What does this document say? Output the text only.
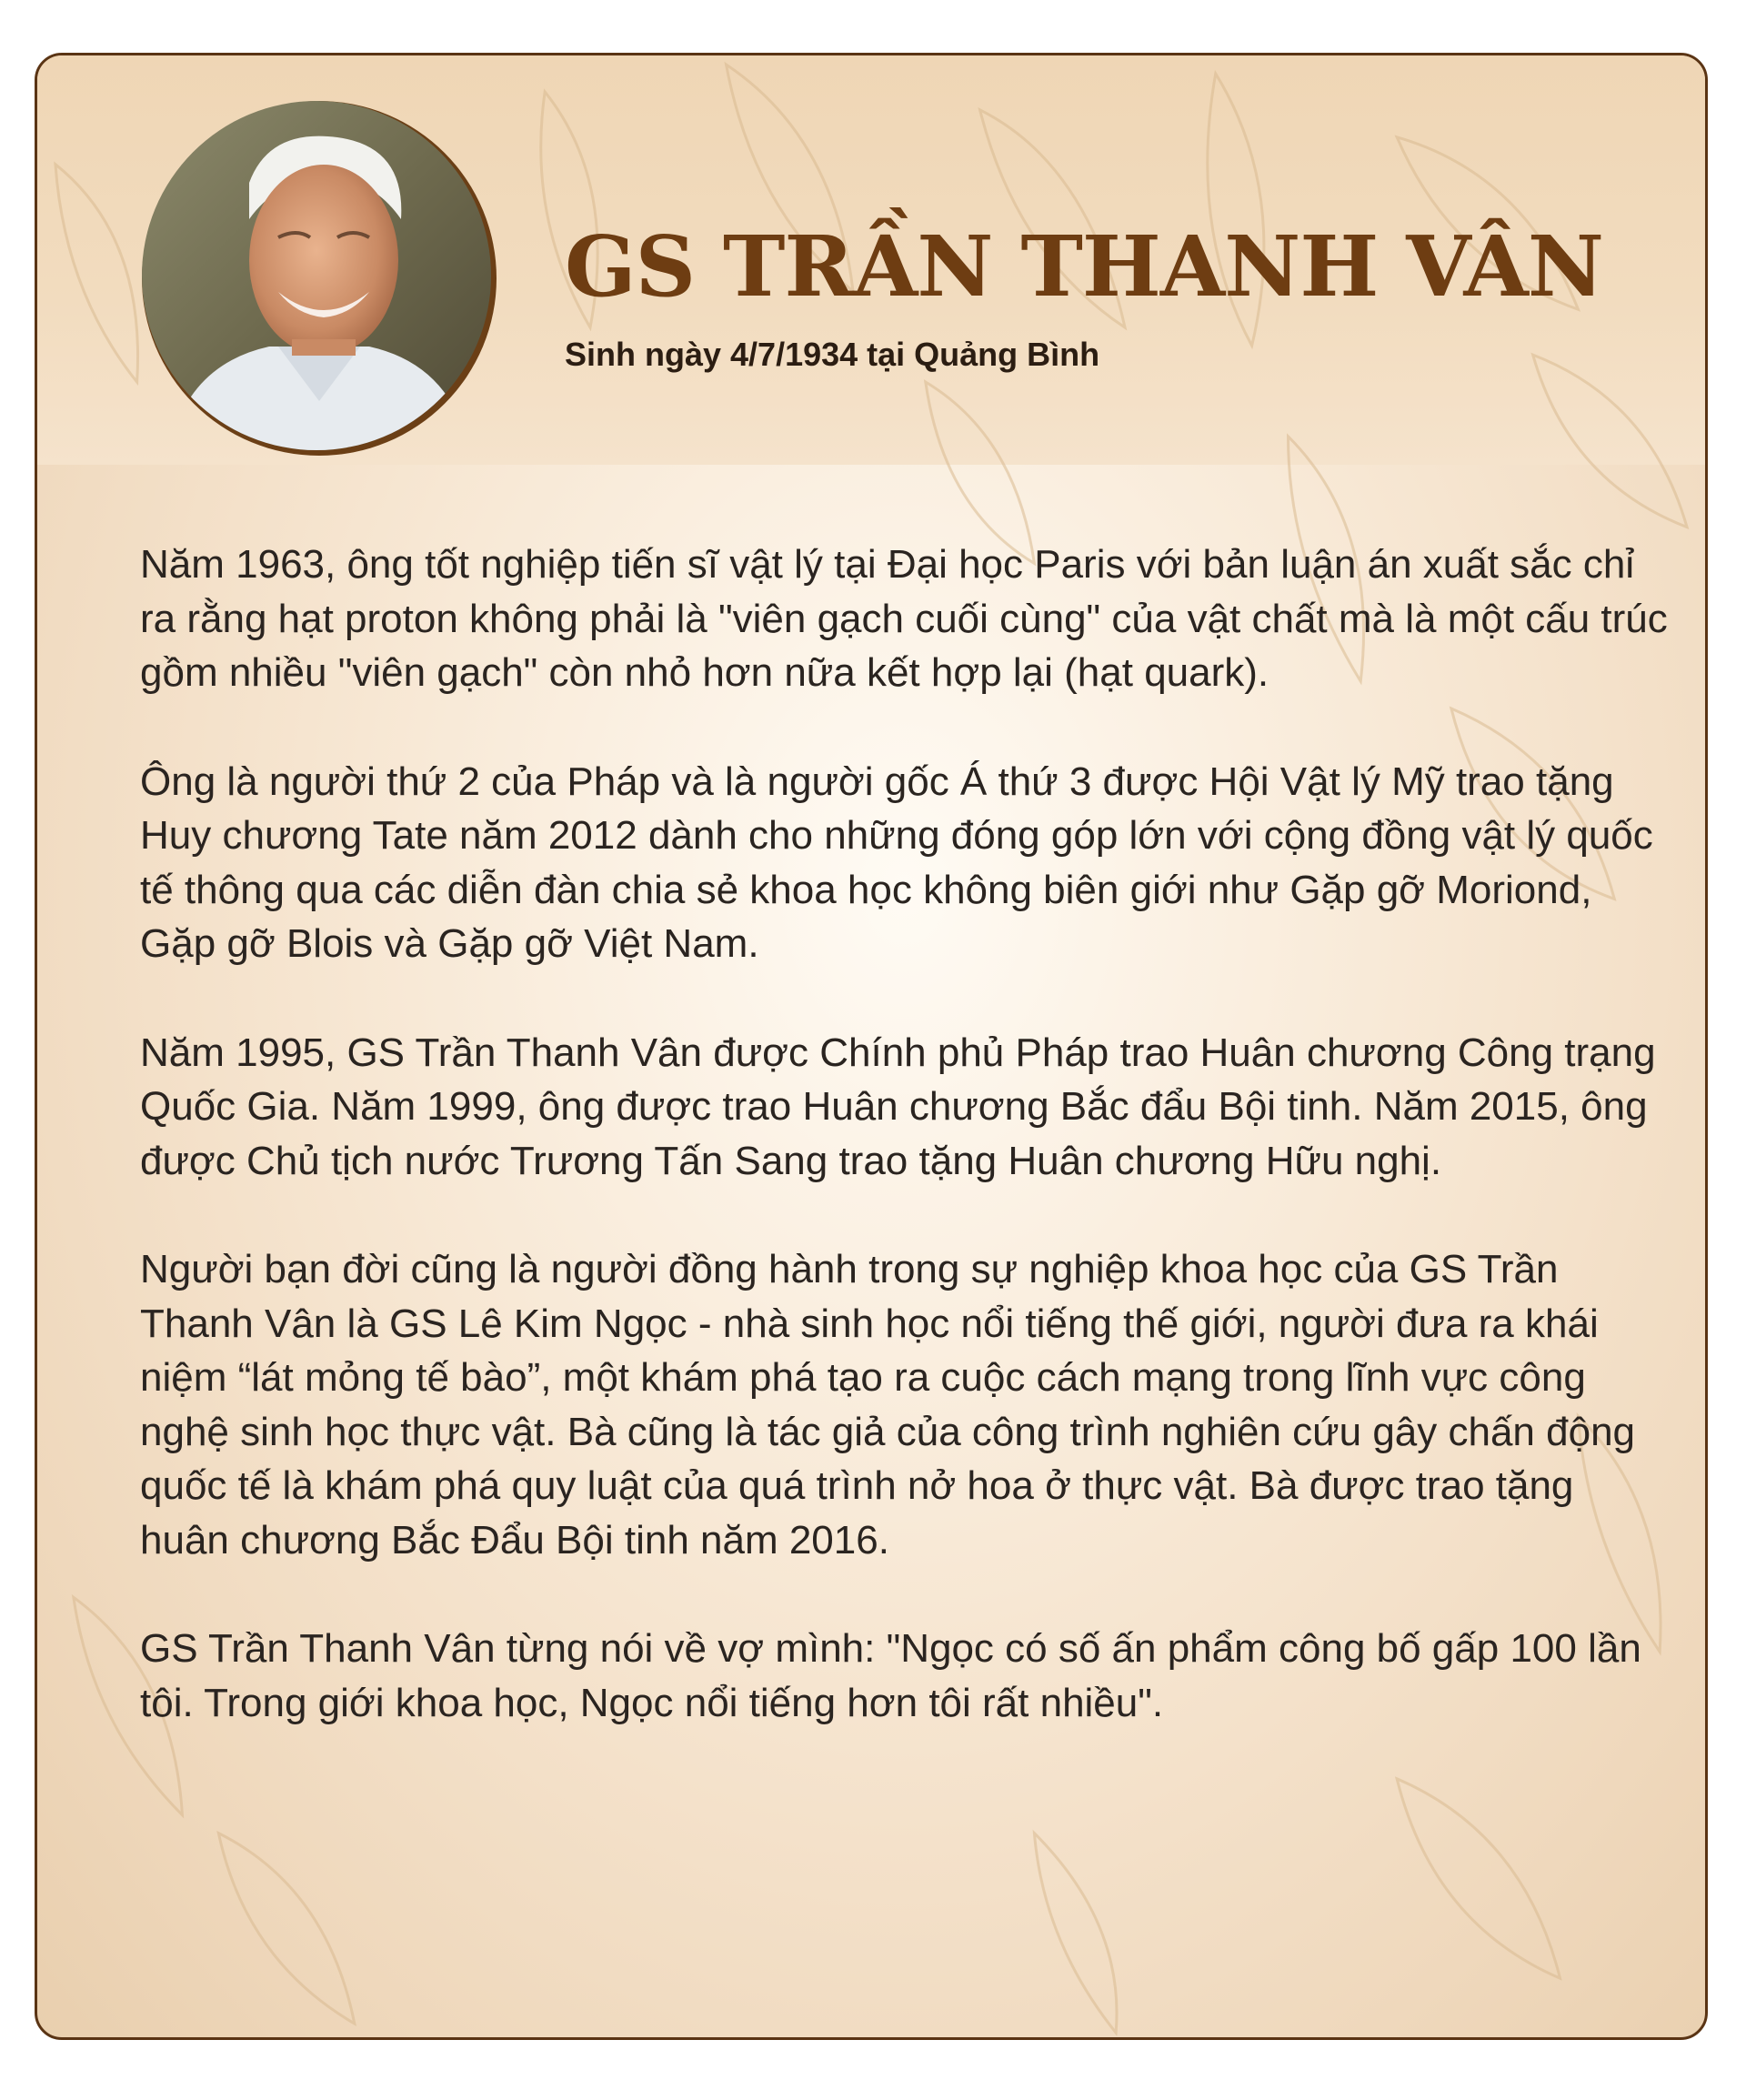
GS TRẦN THANH VÂN

Sinh ngày 4/7/1934 tại Quảng Bình

Năm 1963, ông tốt nghiệp tiến sĩ vật lý tại Đại học Paris với bản luận án xuất sắc chỉ ra rằng hạt proton không phải là "viên gạch cuối cùng" của vật chất mà là một cấu trúc gồm nhiều "viên gạch" còn nhỏ hơn nữa kết hợp lại (hạt quark).

Ông là người thứ 2 của Pháp và là người gốc Á thứ 3 được Hội Vật lý Mỹ trao tặng Huy chương Tate năm 2012 dành cho những đóng góp lớn với cộng đồng vật lý quốc tế thông qua các diễn đàn chia sẻ khoa học không biên giới như Gặp gỡ Moriond, Gặp gỡ Blois và Gặp gỡ Việt Nam.

Năm 1995, GS Trần Thanh Vân được Chính phủ Pháp trao Huân chương Công trạng Quốc Gia. Năm 1999, ông được trao Huân chương Bắc đẩu Bội tinh. Năm 2015, ông được Chủ tịch nước Trương Tấn Sang trao tặng Huân chương Hữu nghị.

Người bạn đời cũng là người đồng hành trong sự nghiệp khoa học của GS Trần Thanh Vân là GS Lê Kim Ngọc - nhà sinh học nổi tiếng thế giới, người đưa ra khái niệm “lát mỏng tế bào”, một khám phá tạo ra cuộc cách mạng trong lĩnh vực công nghệ sinh học thực vật. Bà cũng là tác giả của công trình nghiên cứu gây chấn động quốc tế là khám phá quy luật của quá trình nở hoa ở thực vật. Bà được trao tặng huân chương Bắc Đẩu Bội tinh năm 2016.

GS Trần Thanh Vân từng nói về vợ mình: "Ngọc có số ấn phẩm công bố gấp 100 lần tôi. Trong giới khoa học, Ngọc nổi tiếng hơn tôi rất nhiều".
